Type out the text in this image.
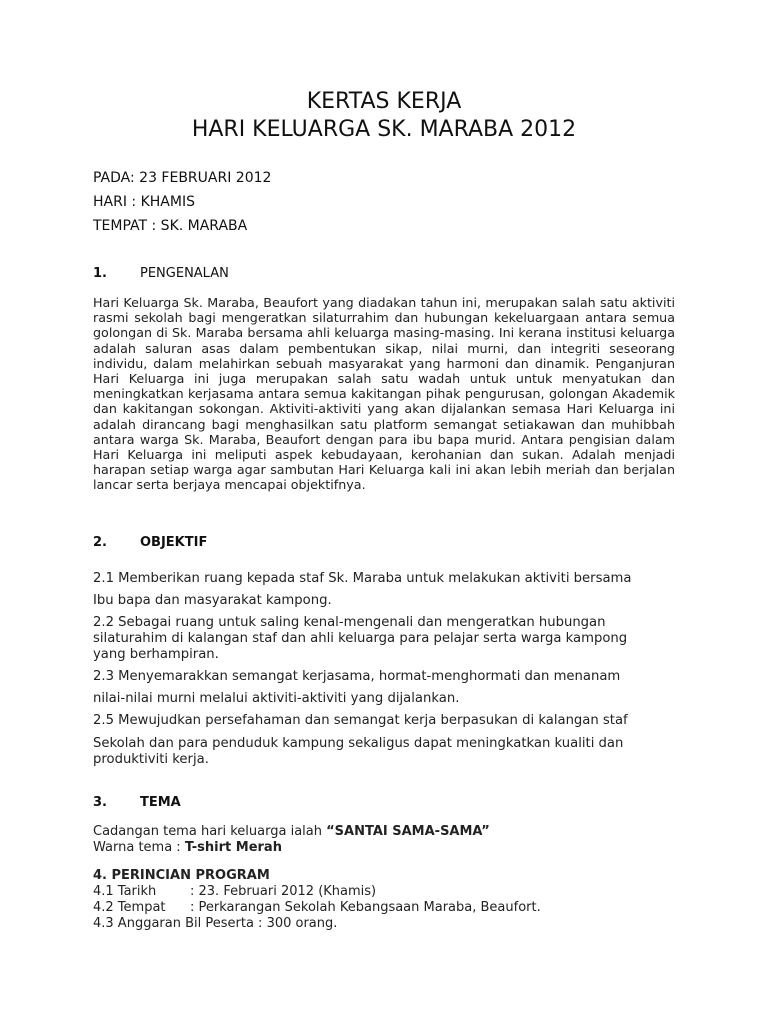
KERTAS KERJA
HARI KELUARGA SK. MARABA 2012
PADA: 23 FEBRUARI 2012
HARI : KHAMIS
TEMPAT : SK. MARABA
1.	PENGENALAN
Hari Keluarga Sk. Maraba, Beaufort yang diadakan tahun ini, merupakan salah satu aktiviti rasmi sekolah bagi mengeratkan silaturrahim dan hubungan kekeluargaan antara semua golongan di Sk. Maraba bersama ahli keluarga masing-masing. Ini kerana institusi keluarga adalah saluran asas dalam pembentukan sikap, nilai murni, dan integriti seseorang individu, dalam melahirkan sebuah masyarakat yang harmoni dan dinamik. Penganjuran Hari Keluarga ini juga merupakan salah satu wadah untuk untuk menyatukan dan meningkatkan kerjasama antara semua kakitangan pihak pengurusan, golongan Akademik dan kakitangan sokongan. Aktiviti-aktiviti yang akan dijalankan semasa Hari Keluarga ini adalah dirancang bagi menghasilkan satu platform semangat setiakawan dan muhibbah antara warga Sk. Maraba, Beaufort dengan para ibu bapa murid. Antara pengisian dalam Hari Keluarga ini meliputi aspek kebudayaan, kerohanian dan sukan. Adalah menjadi harapan setiap warga agar sambutan Hari Keluarga kali ini akan lebih meriah dan berjalan lancar serta berjaya mencapai objektifnya.
2.	OBJEKTIF
2.1 Memberikan ruang kepada staf Sk. Maraba untuk melakukan aktiviti bersama
Ibu bapa dan masyarakat kampong.
2.2 Sebagai ruang untuk saling kenal-mengenali dan mengeratkan hubungan
silaturahim di kalangan staf dan ahli keluarga para pelajar serta warga kampong
yang berhampiran.
2.3 Menyemarakkan semangat kerjasama, hormat-menghormati dan menanam
nilai-nilai murni melalui aktiviti-aktiviti yang dijalankan.
2.5 Mewujudkan persefahaman dan semangat kerja berpasukan di kalangan staf
Sekolah dan para penduduk kampung sekaligus dapat meningkatkan kualiti dan
produktiviti kerja.
3.	TEMA
Cadangan tema hari keluarga ialah “SANTAI SAMA-SAMA”
Warna tema : T-shirt Merah
4. PERINCIAN PROGRAM
4.1 Tarikh	: 23. Februari 2012 (Khamis)
4.2 Tempat : Perkarangan Sekolah Kebangsaan Maraba, Beaufort.
4.3 Anggaran Bil Peserta : 300 orang.
